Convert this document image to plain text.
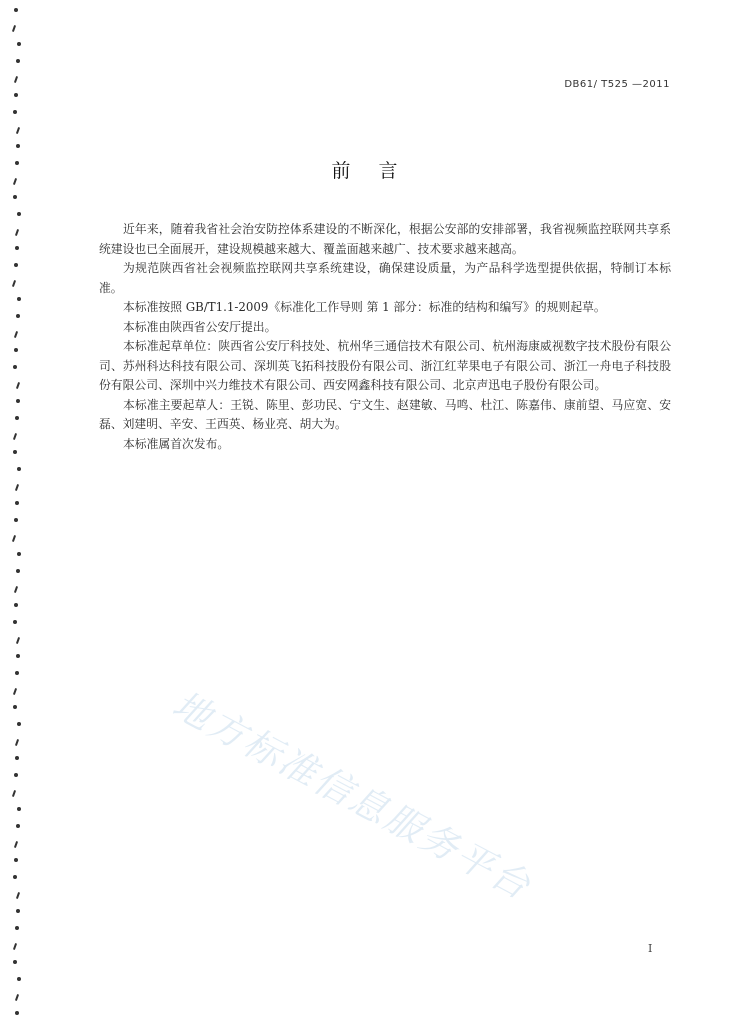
DB61/ T525 —2011
前言

近年来，随着我省社会治安防控体系建设的不断深化，根据公安部的安排部署，我省视频监控联网共享系统建设也已全面展开，建设规模越来越大、覆盖面越来越广、技术要求越来越高。

为规范陕西省社会视频监控联网共享系统建设，确保建设质量，为产品科学选型提供依据，特制订本标准。

本标准按照 GB/T1.1-2009《标准化工作导则 第 1 部分：标准的结构和编写》的规则起草。

本标准由陕西省公安厅提出。

本标准起草单位：陕西省公安厅科技处、杭州华三通信技术有限公司、杭州海康威视数字技术股份有限公司、苏州科达科技有限公司、深圳英飞拓科技股份有限公司、浙江红苹果电子有限公司、浙江一舟电子科技股份有限公司、深圳中兴力维技术有限公司、西安网鑫科技有限公司、北京声迅电子股份有限公司。

本标准主要起草人：王锐、陈里、彭功民、宁文生、赵建敏、马鸣、杜江、陈嘉伟、康前望、马应宽、安磊、刘建明、辛安、王西英、杨业亮、胡大为。

本标准属首次发布。

地方标准信息服务平台
I
